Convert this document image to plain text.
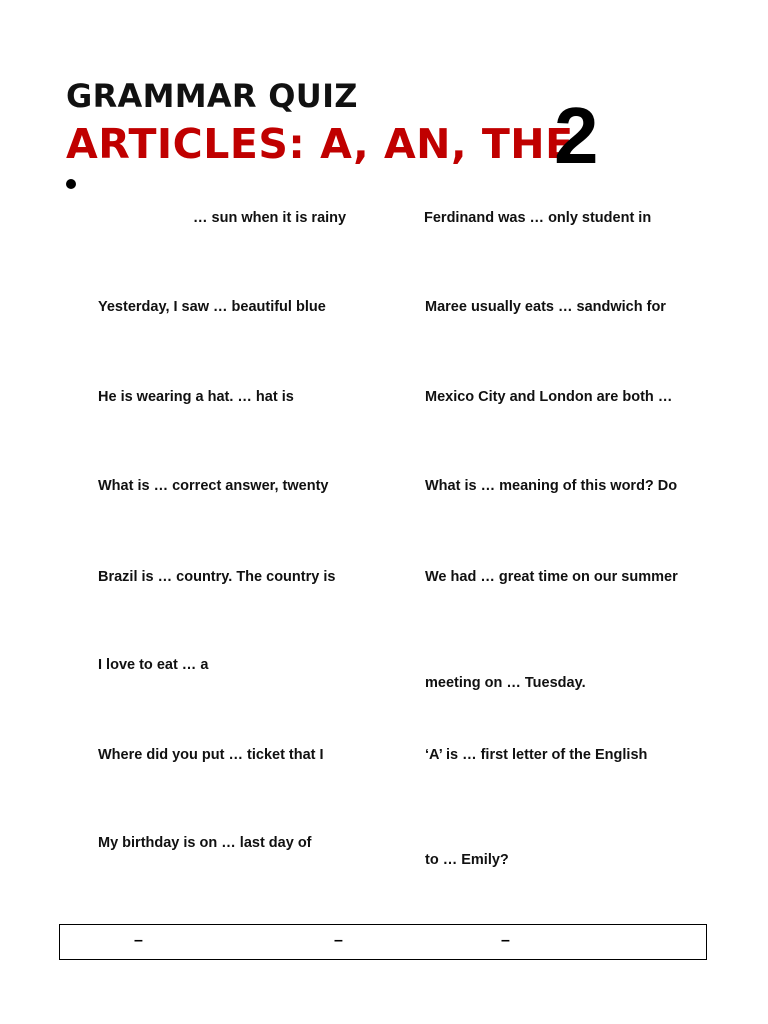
GRAMMAR QUIZ
ARTICLES: A, AN, THE
2
… sun when it is rainy
Yesterday, I saw … beautiful blue
He is wearing a hat. … hat is
What is … correct answer, twenty
Brazil is … country. The country is
I love to eat … a
Where did you put … ticket that I
My birthday is on … last day of
Ferdinand was … only student in
Maree usually eats … sandwich for
Mexico City and London are both …
What is … meaning of this word? Do
We had … great time on our summer
meeting on … Tuesday.
‘A’ is … first letter of the English
to … Emily?
–	–	–
